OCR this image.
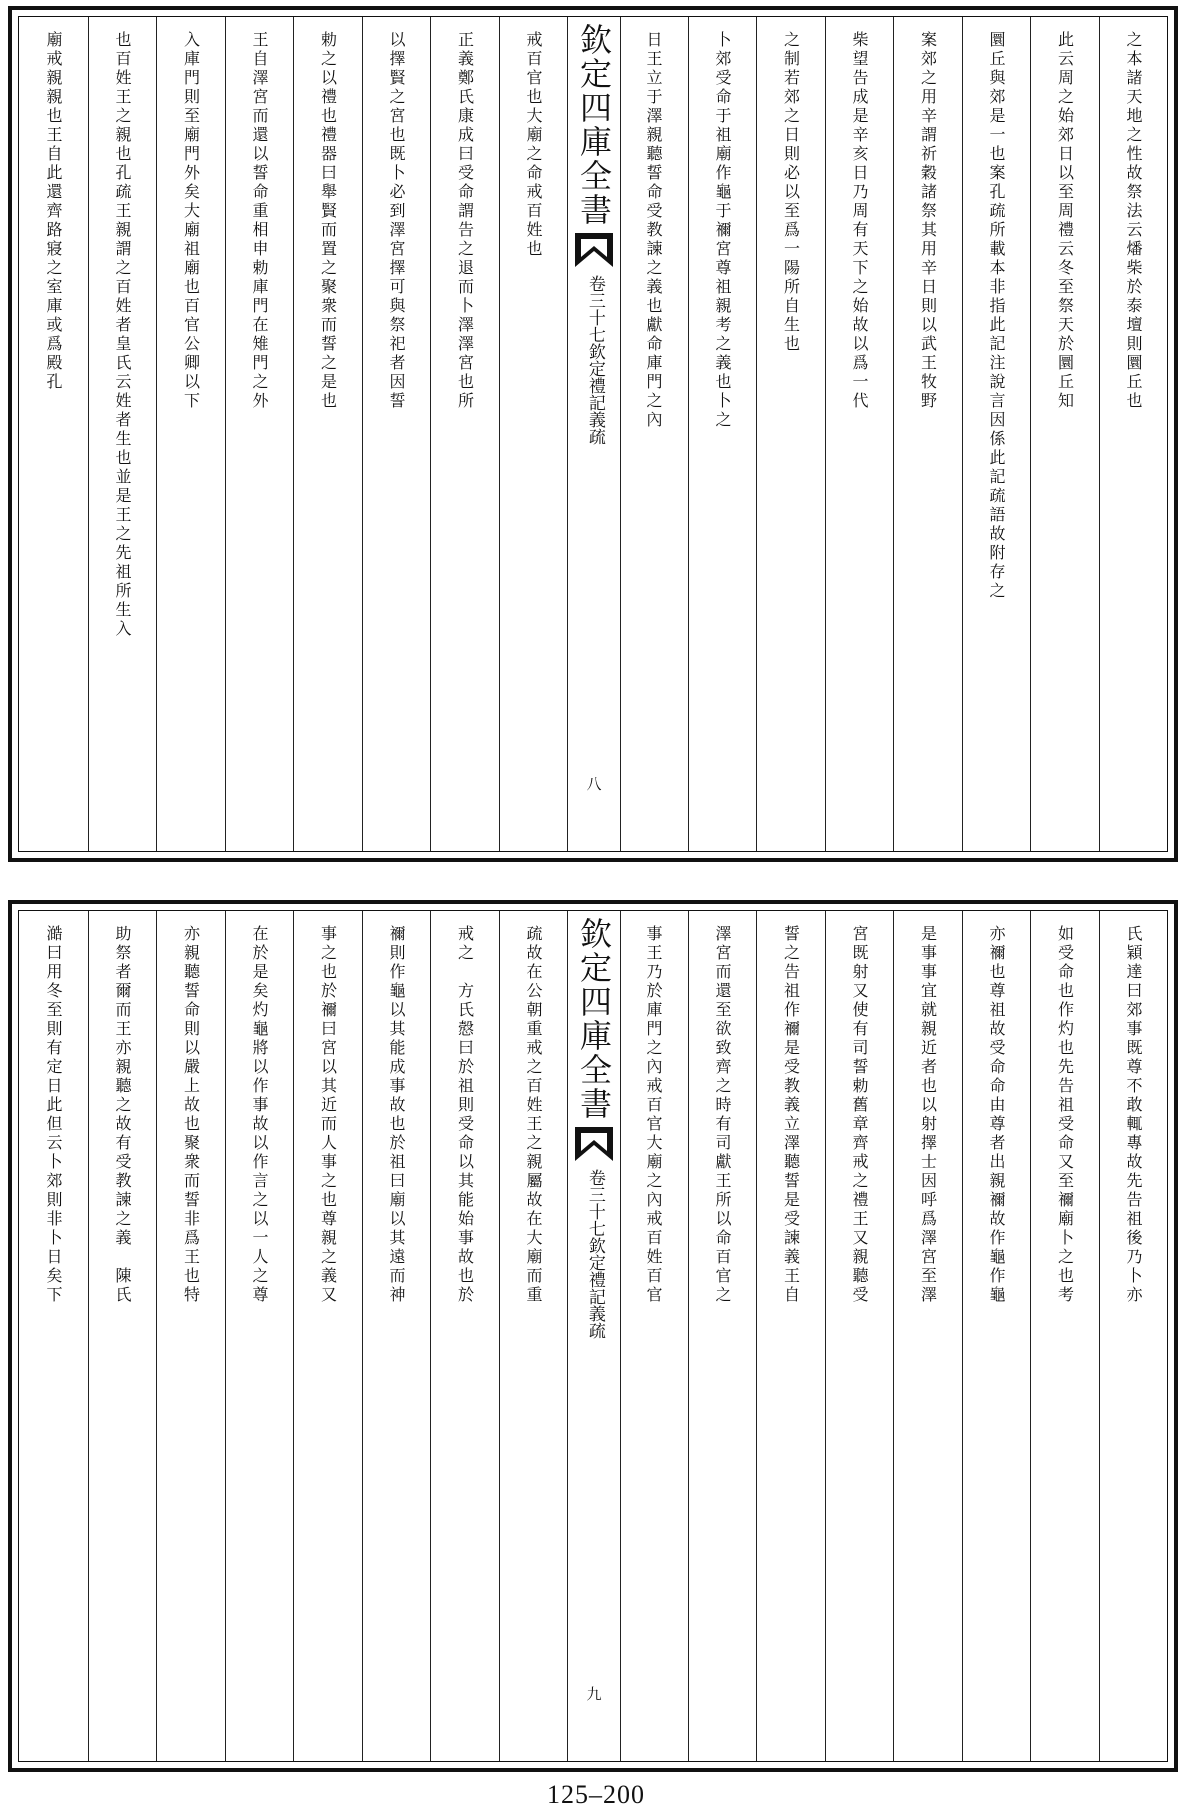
廟戒親親也王自此還齊路寢之室庫或爲殿孔	也百姓王之親也孔疏王親謂之百姓者皇氏云姓者生也並是王之先祖所生入	入庫門則至廟門外矣大廟祖廟也百官公卿以下	王自澤宮而還以誓命重相申勅庫門在雉門之外	勅之以禮也禮器曰舉賢而置之聚衆而誓之是也	以擇賢之宮也既卜必到澤宮擇可與祭祀者因誓	正義鄭氏康成曰受命謂告之退而卜澤澤宮也所	戒百官也大廟之命戒百姓也 欽定四庫全書
欽定禮記義疏
卷三十七
八
日王立于澤親聽誓命受教諫之義也獻命庫門之內	卜郊受命于祖廟作龜于禰宮尊祖親考之義也卜之	之制若郊之日則必以至爲一陽所自生也	柴望告成是辛亥日乃周有天下之始故以爲一代	案郊之用辛謂祈穀諸祭其用辛日則以武王牧野	圜丘與郊是一也案孔疏所載本非指此記注說言因係此記疏語故附存之	此云周之始郊日以至周禮云冬至祭天於圜丘知	之本諸天地之性故祭法云燔柴於泰壇則圜丘也
澔曰用冬至則有定日此但云卜郊則非卜日矣下	助祭者爾而王亦親聽之故有受教諫之義　陳氏	亦親聽誓命則以嚴上故也聚衆而誓非爲王也特	在於是矣灼龜將以作事故以作言之以一人之尊	事之也於禰曰宮以其近而人事之也尊親之義又	禰則作龜以其能成事故也於祖曰廟以其遠而神	戒之　方氏慤曰於祖則受命以其能始事故也於	疏故在公朝重戒之百姓王之親屬故在大廟而重 欽定四庫全書
欽定禮記義疏
卷三十七
九
事王乃於庫門之內戒百官大廟之內戒百姓百官	澤宮而還至欲致齊之時有司獻王所以命百官之	誓之告祖作禰是受教義立澤聽誓是受諫義王自	宮既射又使有司誓勅舊章齊戒之禮王又親聽受	是事事宜就親近者也以射擇士因呼爲澤宮至澤	亦禰也尊祖故受命命由尊者出親禰故作龜作龜	如受命也作灼也先告祖受命又至禰廟卜之也考	氏穎達曰郊事既尊不敢輒專故先告祖後乃卜亦
125–200
